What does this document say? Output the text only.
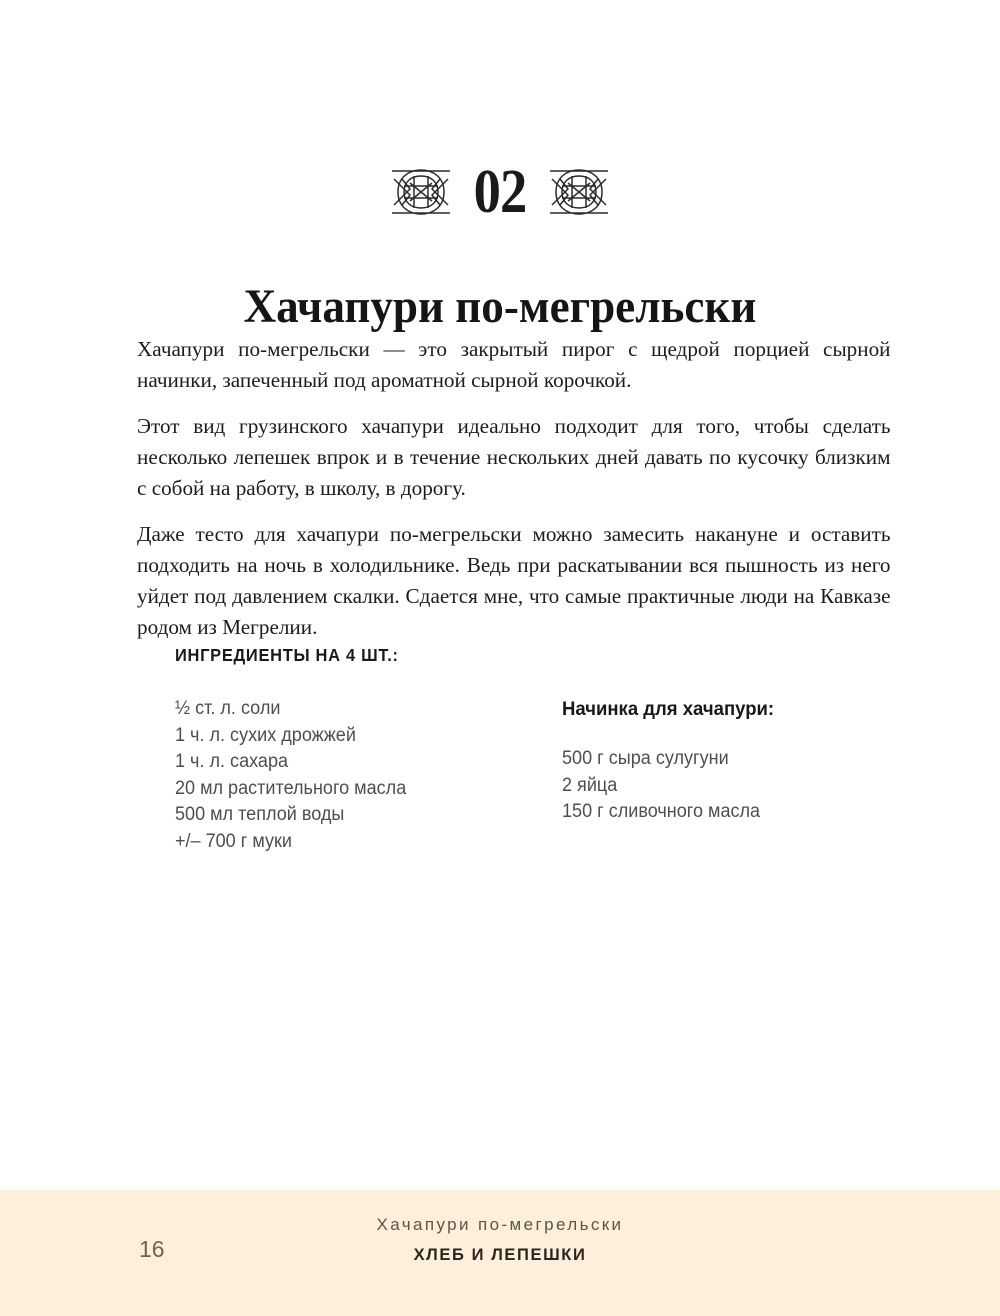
02
Хачапури по-мегрельски

Хачапури по-мегрельски — это закрытый пирог с щедрой порцией сырной начинки, запеченный под ароматной сырной корочкой.

Этот вид грузинского хачапури идеально подходит для того, чтобы сделать несколько лепешек впрок и в течение нескольких дней давать по кусочку близким с собой на работу, в школу, в дорогу.

Даже тесто для хачапури по-мегрельски можно замесить накануне и оставить подходить на ночь в холодильнике. Ведь при раскатывании вся пышность из него уйдет под давлением скалки. Сдается мне, что самые практичные люди на Кавказе родом из Мегрелии.

ИНГРЕДИЕНТЫ НА 4 ШТ.:
½ ст. л. соли
1 ч. л. сухих дрожжей
1 ч. л. сахара
20 мл растительного масла
500 мл теплой воды
+/– 700 г муки
Начинка для хачапури:
500 г сыра сулугуни
2 яйца
150 г сливочного масла
16
Хачапури по-мегрельски
ХЛЕБ И ЛЕПЕШКИ
